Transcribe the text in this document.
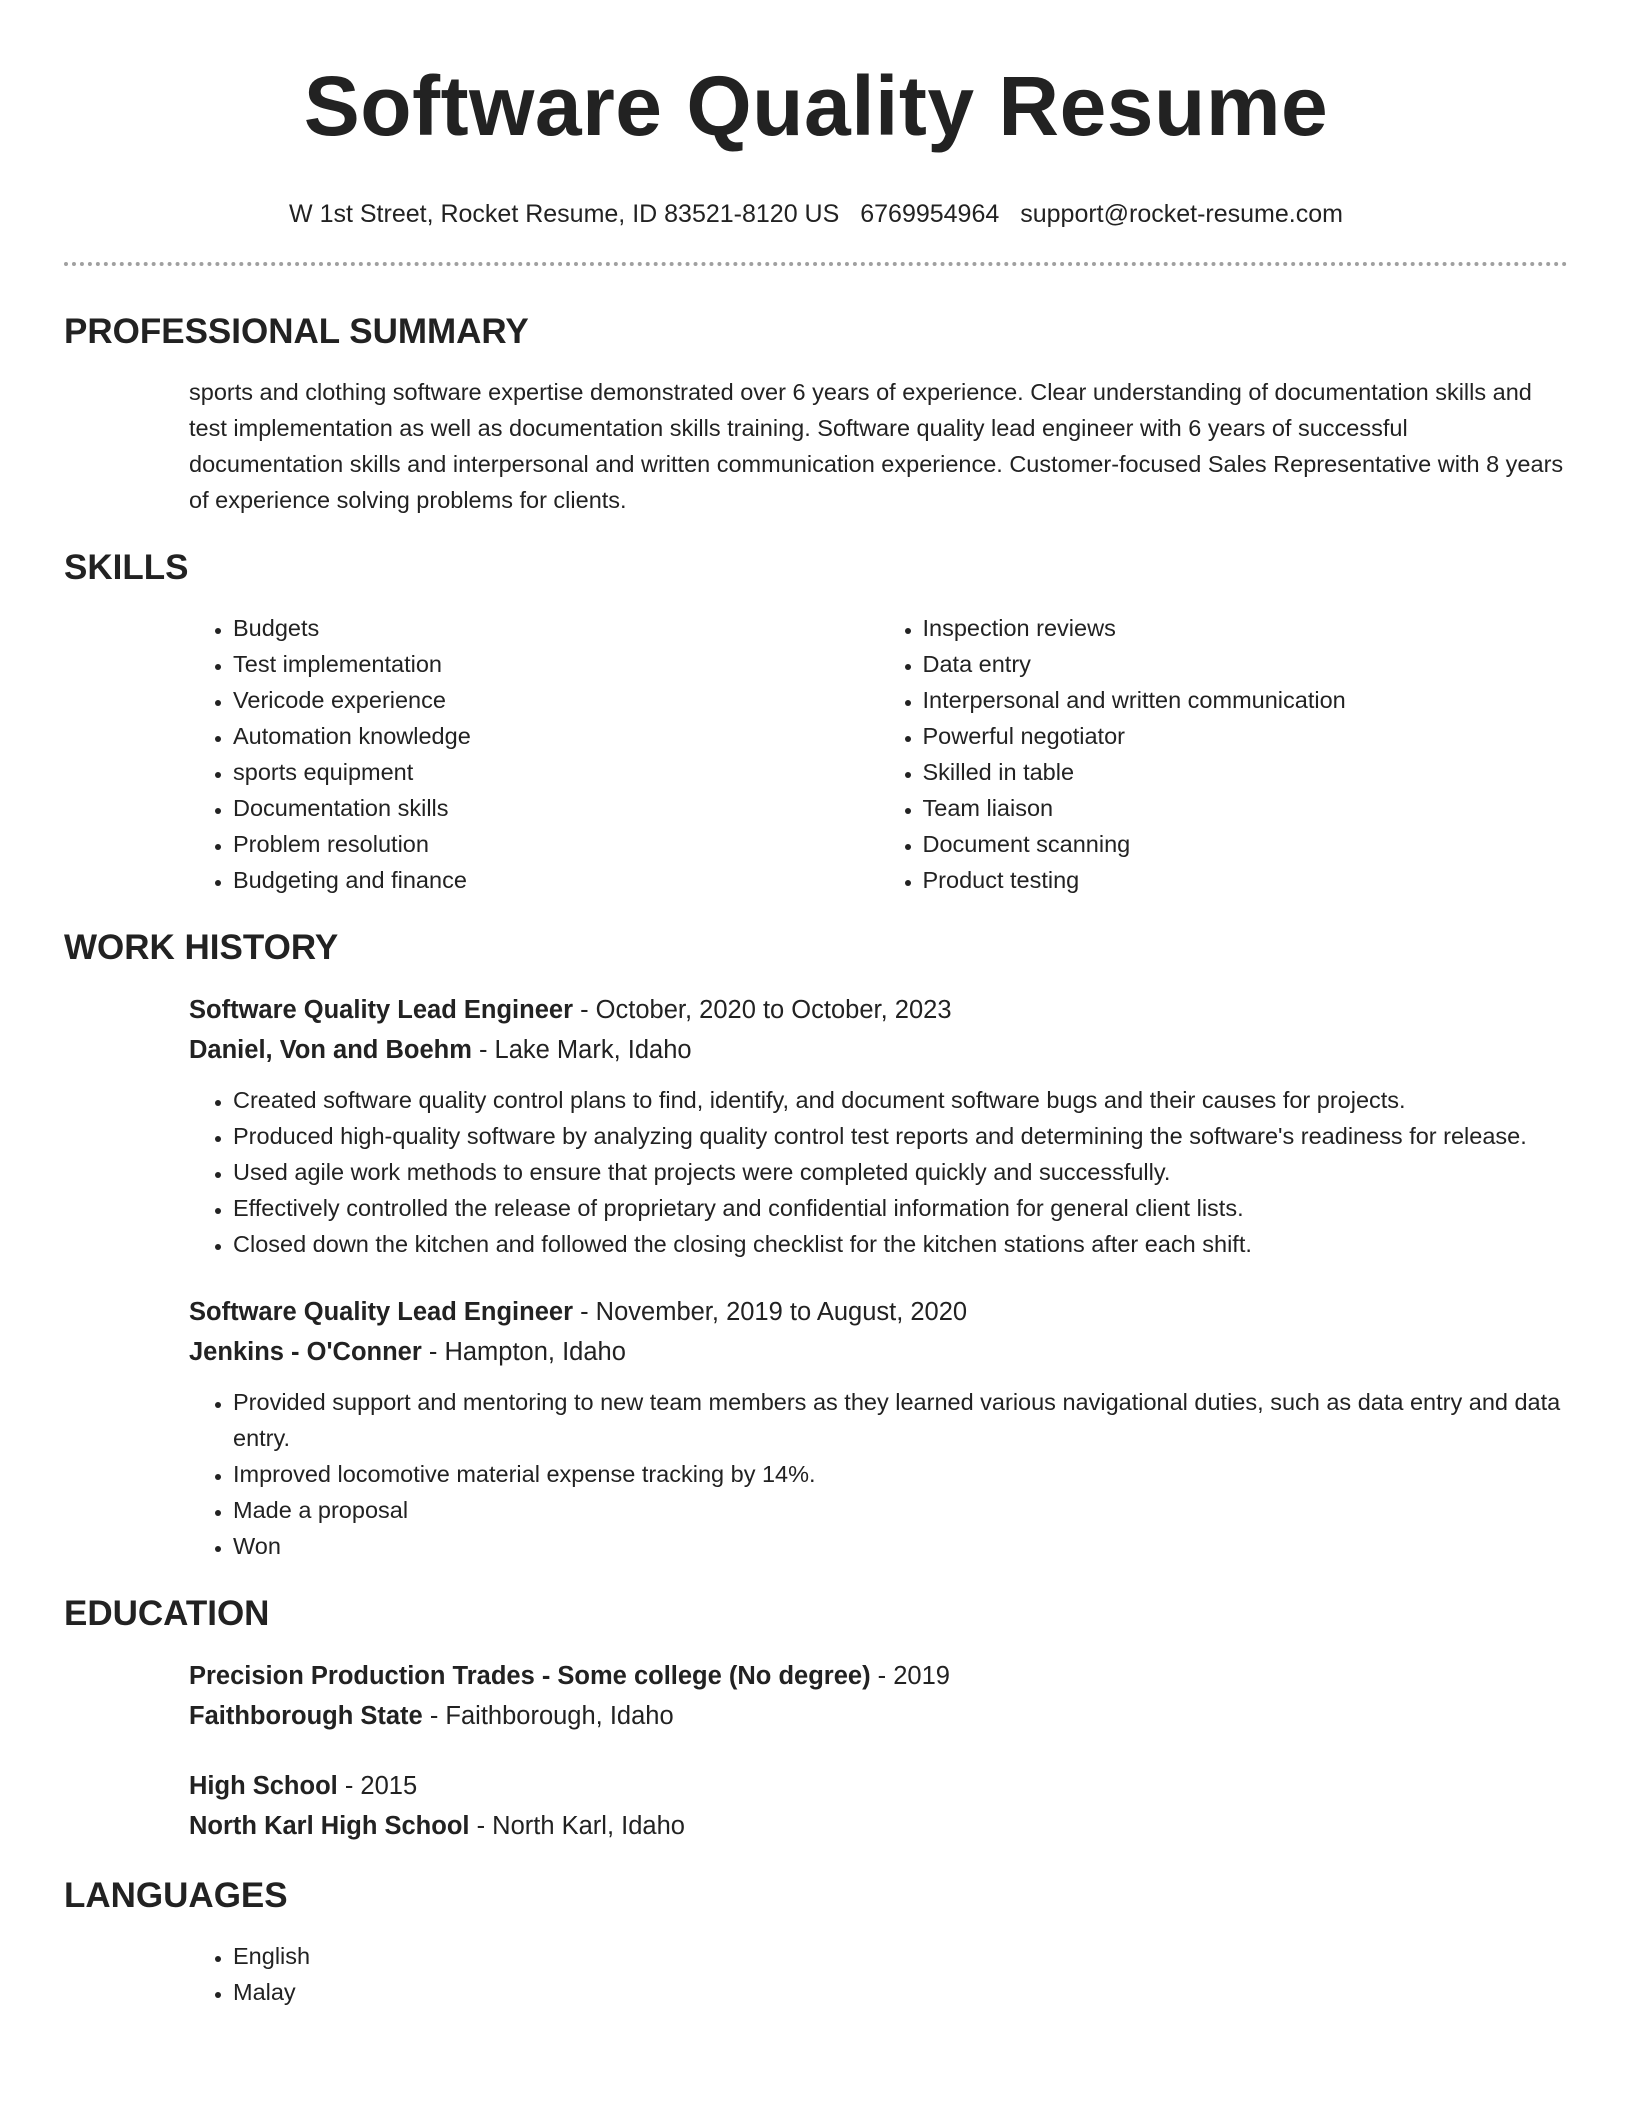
Software Quality Resume
W 1st Street, Rocket Resume, ID 83521-8120 US 6769954964 support@rocket-resume.com
PROFESSIONAL SUMMARY
sports and clothing software expertise demonstrated over 6 years of experience. Clear understanding of documentation skills and test implementation as well as documentation skills training. Software quality lead engineer with 6 years of successful documentation skills and interpersonal and written communication experience. Customer-focused Sales Representative with 8 years of experience solving problems for clients.
SKILLS
• Budgets
• Test implementation
• Vericode experience
• Automation knowledge
• sports equipment
• Documentation skills
• Problem resolution
• Budgeting and finance
• Inspection reviews
• Data entry
• Interpersonal and written communication
• Powerful negotiator
• Skilled in table
• Team liaison
• Document scanning
• Product testing
WORK HISTORY
Software Quality Lead Engineer - October, 2020 to October, 2023
Daniel, Von and Boehm - Lake Mark, Idaho
• Created software quality control plans to find, identify, and document software bugs and their causes for projects.
• Produced high-quality software by analyzing quality control test reports and determining the software's readiness for release.
• Used agile work methods to ensure that projects were completed quickly and successfully.
• Effectively controlled the release of proprietary and confidential information for general client lists.
• Closed down the kitchen and followed the closing checklist for the kitchen stations after each shift.
Software Quality Lead Engineer - November, 2019 to August, 2020
Jenkins - O'Conner - Hampton, Idaho
• Provided support and mentoring to new team members as they learned various navigational duties, such as data entry and data entry.
• Improved locomotive material expense tracking by 14%.
• Made a proposal
• Won
EDUCATION
Precision Production Trades - Some college (No degree) - 2019
Faithborough State - Faithborough, Idaho
High School - 2015
North Karl High School - North Karl, Idaho
LANGUAGES
• English
• Malay
